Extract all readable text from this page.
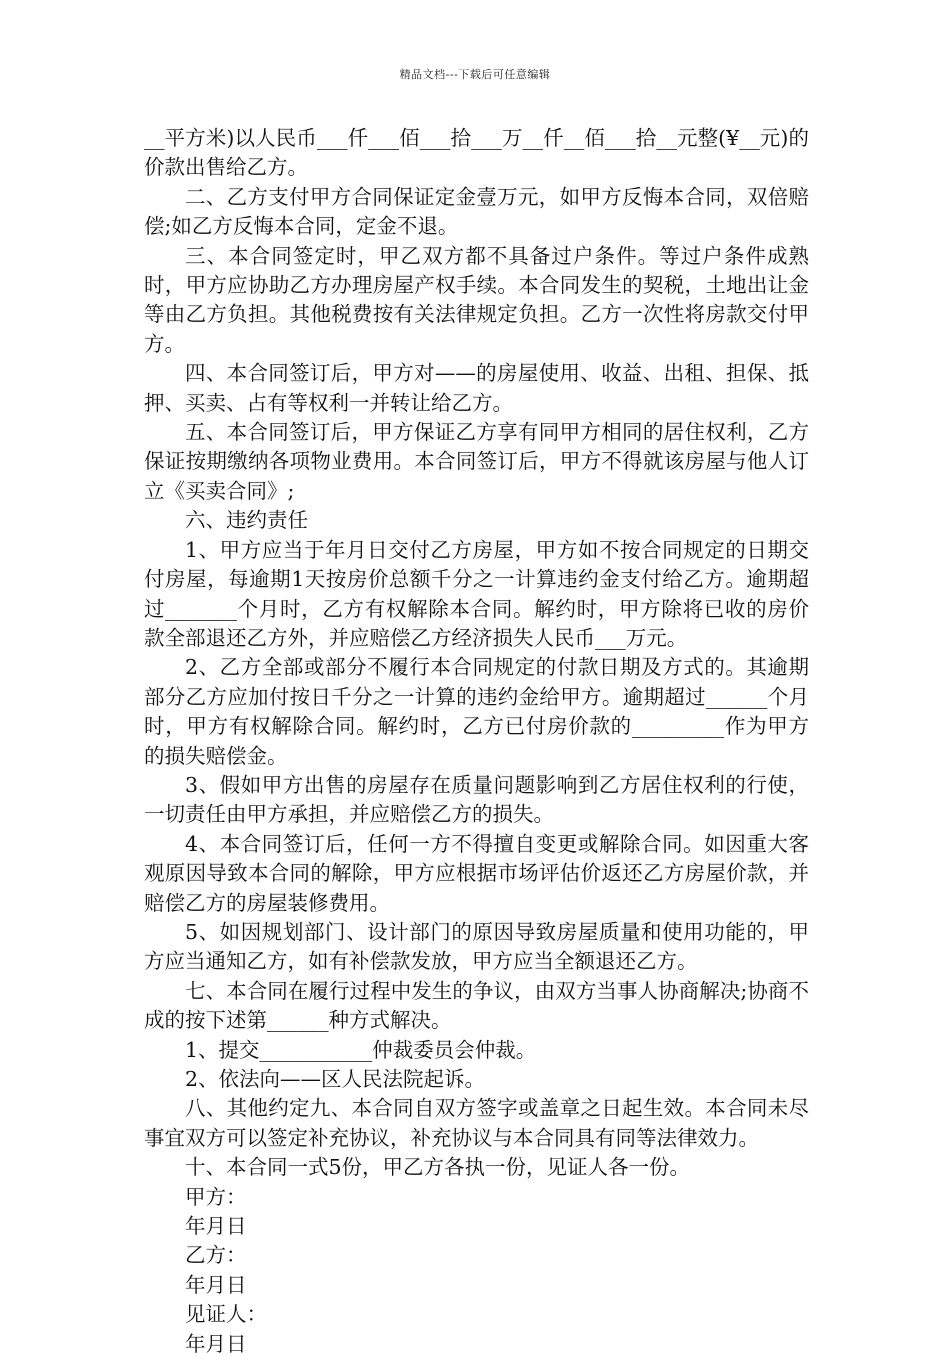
精品文档---下载后可任意编辑

__平方米)以人民币___仟___佰___拾___万__仟__佰___拾__元整(¥__元)的价款出售给乙方。

二、乙方支付甲方合同保证定金壹万元，如甲方反悔本合同，双倍赔偿;如乙方反悔本合同，定金不退。

三、本合同签定时，甲乙双方都不具备过户条件。等过户条件成熟时，甲方应协助乙方办理房屋产权手续。本合同发生的契税，土地出让金等由乙方负担。其他税费按有关法律规定负担。乙方一次性将房款交付甲方。

四、本合同签订后，甲方对——的房屋使用、收益、出租、担保、抵押、买卖、占有等权利一并转让给乙方。

五、本合同签订后，甲方保证乙方享有同甲方相同的居住权利，乙方保证按期缴纳各项物业费用。本合同签订后，甲方不得就该房屋与他人订立《买卖合同》;

六、违约责任

1、甲方应当于年月日交付乙方房屋，甲方如不按合同规定的日期交付房屋，每逾期1天按房价总额千分之一计算违约金支付给乙方。逾期超过_______个月时，乙方有权解除本合同。解约时，甲方除将已收的房价款全部退还乙方外，并应赔偿乙方经济损失人民币___万元。

2、乙方全部或部分不履行本合同规定的付款日期及方式的。其逾期部分乙方应加付按日千分之一计算的违约金给甲方。逾期超过______个月时，甲方有权解除合同。解约时，乙方已付房价款的_________作为甲方的损失赔偿金。

3、假如甲方出售的房屋存在质量问题影响到乙方居住权利的行使，一切责任由甲方承担，并应赔偿乙方的损失。

4、本合同签订后，任何一方不得擅自变更或解除合同。如因重大客观原因导致本合同的解除，甲方应根据市场评估价返还乙方房屋价款，并赔偿乙方的房屋装修费用。

5、如因规划部门、设计部门的原因导致房屋质量和使用功能的，甲方应当通知乙方，如有补偿款发放，甲方应当全额退还乙方。

七、本合同在履行过程中发生的争议，由双方当事人协商解决;协商不成的按下述第______种方式解决。

1、提交___________仲裁委员会仲裁。

2、依法向——区人民法院起诉。

八、其他约定九、本合同自双方签字或盖章之日起生效。本合同未尽事宜双方可以签定补充协议，补充协议与本合同具有同等法律效力。

十、本合同一式5份，甲乙方各执一份，见证人各一份。

甲方：

年月日

乙方：

年月日

见证人：

年月日
